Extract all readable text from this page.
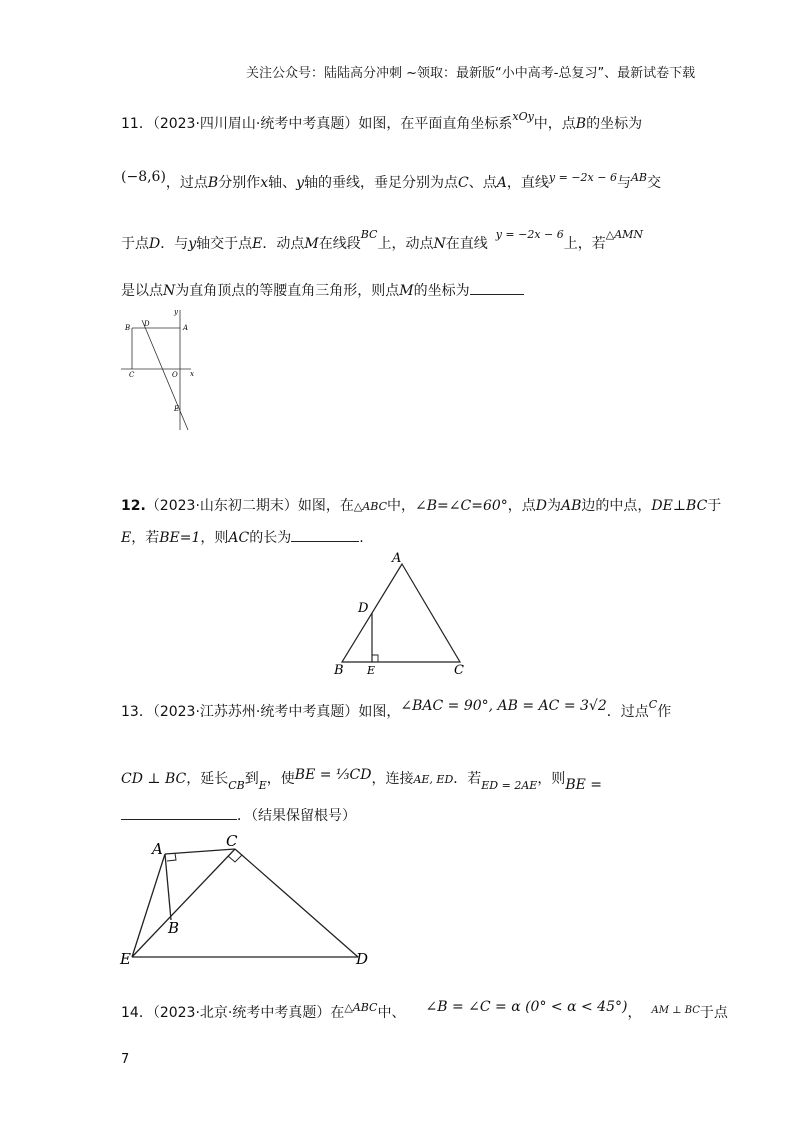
关注公众号：陆陆高分冲刺 ~领取：最新版“小中高考-总复习”、最新试卷下载
11．（2023·四川眉山·统考中考真题）如图，在平面直角坐标系$^{xOy}$中，点B的坐标为
(−8,6)，过点B分别作x轴、y轴的垂线，垂足分别为点C、点A，直线$^{y = -2x - 6}$与$^{AB}$交
于点D．与y轴交于点E．动点M在线段$^{BC}$上，动点N在直线$^{y = -2x - 6}$上，若$^{\triangle AMN}$
是以点N为直角顶点的等腰直角三角形，则点M的坐标为
B D	A
y
C	O x
E
12.（2023·山东初二期末）如图，在△ABC中，∠B=∠C=60°，点D为AB边的中点，DE⊥BC于
E，若BE=1，则AC的长为	.
A
D
B E	C
13．（2023·江苏苏州·统考中考真题）如图，∠BAC = 90°, AB = AC = 3√2．过点$^C$作
CD ⊥ BC，延长$_{CB}$到$_E$，使BE = ⅓CD，连接AE, ED．若$_{ED = 2AE}$，则BE =
．（结果保留根号）
A	C
B
E	D
14．（2023·北京·统考中考真题）在$^{\triangle ABC}$中、 ∠B = ∠C = α (0° < α < 45°)， $^{AM \perp BC}$于点
7
